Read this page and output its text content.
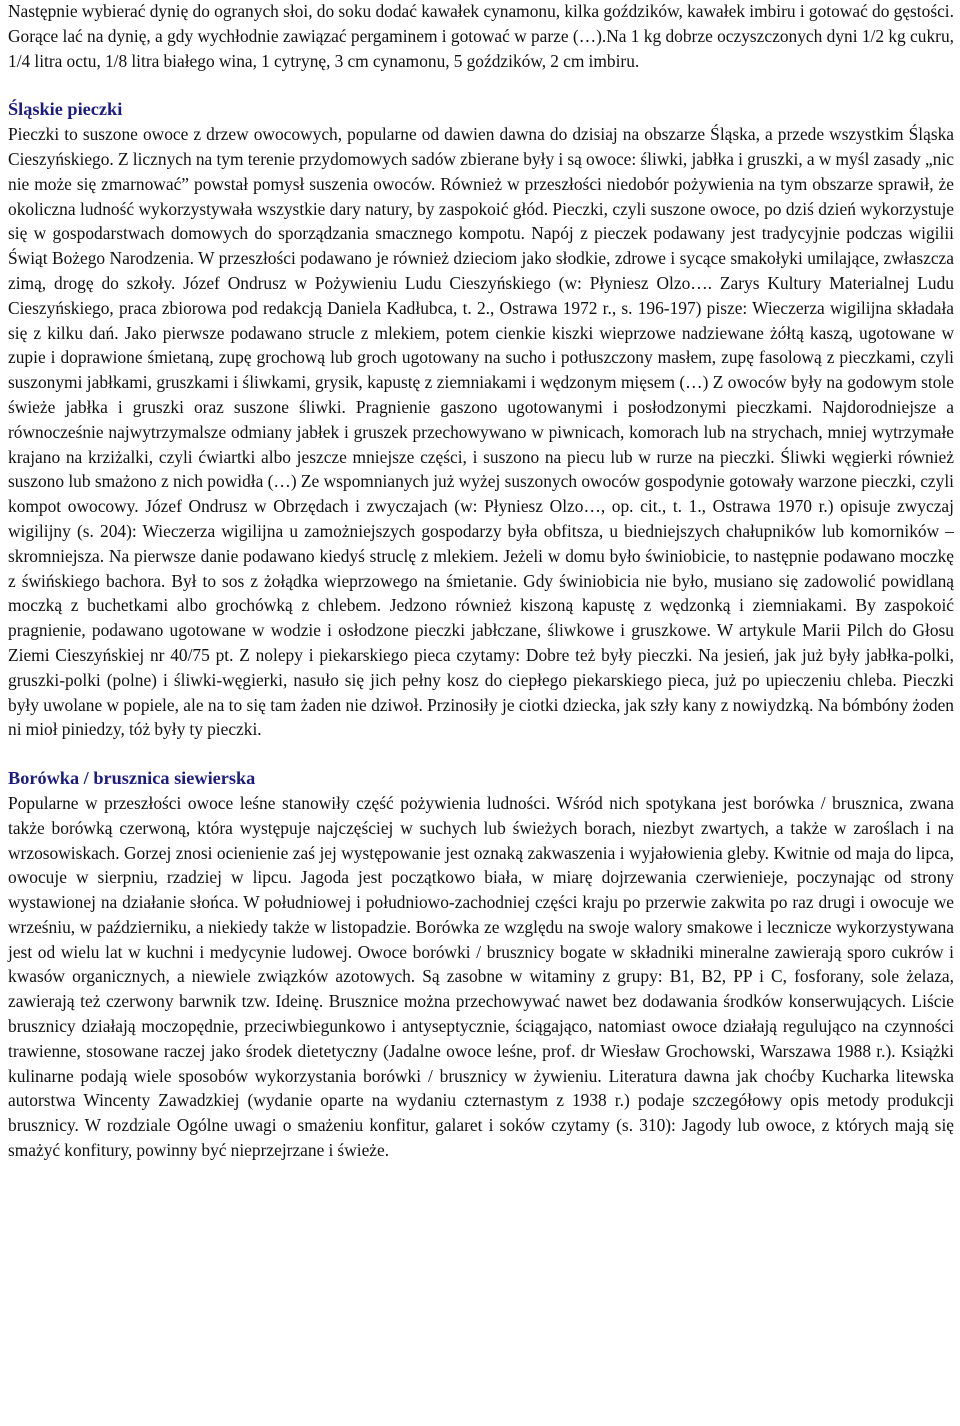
Następnie wybierać dynię do ogranych słoi, do soku dodać kawałek cynamonu, kilka goździków, kawałek imbiru i gotować do gęstości. Gorące lać na dynię, a gdy wychłodnie zawiązać pergaminem i gotować w parze (…).Na 1 kg dobrze oczyszczonych dyni 1/2 kg cukru, 1/4 litra octu, 1/8 litra białego wina, 1 cytrynę, 3 cm cynamonu, 5 goździków, 2 cm imbiru.

Śląskie pieczki

Pieczki to suszone owoce z drzew owocowych, popularne od dawien dawna do dzisiaj na obszarze Śląska, a przede wszystkim Śląska Cieszyńskiego. Z licznych na tym terenie przydomowych sadów zbierane były i są owoce: śliwki, jabłka i gruszki, a w myśl zasady „nic nie może się zmarnować” powstał pomysł suszenia owoców. Również w przeszłości niedobór pożywienia na tym obszarze sprawił, że okoliczna ludność wykorzystywała wszystkie dary natury, by zaspokoić głód. Pieczki, czyli suszone owoce, po dziś dzień wykorzystuje się w gospodarstwach domowych do sporządzania smacznego kompotu. Napój z pieczek podawany jest tradycyjnie podczas wigilii Świąt Bożego Narodzenia. W przeszłości podawano je również dzieciom jako słodkie, zdrowe i sycące smakołyki umilające, zwłaszcza zimą, drogę do szkoły. Józef Ondrusz w Pożywieniu Ludu Cieszyńskiego (w: Płyniesz Olzo…. Zarys Kultury Materialnej Ludu Cieszyńskiego, praca zbiorowa pod redakcją Daniela Kadłubca, t. 2., Ostrawa 1972 r., s. 196-197) pisze: Wieczerza wigilijna składała się z kilku dań. Jako pierwsze podawano strucle z mlekiem, potem cienkie kiszki wieprzowe nadziewane żółtą kaszą, ugotowane w zupie i doprawione śmietaną, zupę grochową lub groch ugotowany na sucho i potłuszczony masłem, zupę fasolową z pieczkami, czyli suszonymi jabłkami, gruszkami i śliwkami, grysik, kapustę z ziemniakami i wędzonym mięsem (…) Z owoców były na godowym stole śwież‌e jabłka i gruszki oraz suszone śliwki. Pragnienie gaszono ugotowanymi i posłodzonymi pieczkami. Najdorodniejsze a równocześnie najwytrzymalsze odmiany jabłek i gruszek przechowywano w piwnicach, komorach lub na strychach, mniej wytrzymałe krajano na krzi‌żalki, czyli ćwiartki albo jeszcze mniejsze części, i suszono na piecu lub w rurze na pieczki. Śliwki węgierki również suszono lub smażono z nich powidła (…) Ze wspomnianych już wyżej suszonych owoców gospodynie gotowały warzone pieczki, czyli kompot owocowy. Józef Ondrusz w Obrzędach i zwyczajach (w: Płyniesz Olzo…, op. cit., t. 1., Ostrawa 1970 r.) opisuje zwyczaj wigilijny (s. 204): Wieczerza wigilijna u zamożniejszych gospodarzy była obfitsza, u biedniejszych chałupników lub komorników – skromniejsza. Na pierwsze danie podawano kiedyś struclę z mlekiem. Jeżeli w domu było świniobicie, to następnie podawano moczkę z świńskiego bachora. Był to sos z żołądka wieprzowego na śmietanie. Gdy świniobicia nie było, musiano się zadowolić powidlaną moczką z buchetkami albo grochówką z chlebem. Jedzono również kiszoną kapustę z wędzonką i ziemniakami. By zaspokoić pragnienie, podawano ugotowane w wodzie i osłodzone pieczki jabłczane, śliwkowe i gruszkowe. W artykule Marii Pilch do Głosu Ziemi Cieszyńskiej nr 40/75 pt. Z nolepy i piekarskiego pieca czytamy: Dobre też były pieczki. Na jesień, jak już były jabłka-polki, gruszki-polki (polne) i śliwki-węgierki, nasuło się jich pełny kosz do ciepłego piekarskiego pieca, już po upieczeniu chleba. Pieczki były uwolane w popiele, ale na to się tam żaden nie dziwoł. Przinosiły je ciotki dziecka, jak szły kany z nowiydzką. Na bómbóny żoden ni mioł piniedzy, tóż były ty pieczki.

Borówka / brusznica siewierska

Popularne w przeszłości owoce leśne stanowiły część pożywienia ludności. Wśród nich spotykana jest borówka / brusznica, zwana także borówką czerwoną, która występuje najczęściej w suchych lub świeżych borach, niezbyt zwartych, a także w zaroślach i na wrzosowiskach. Gorzej znosi ocienienie zaś jej występowanie jest oznaką zakwaszenia i wyjałowienia gleby. Kwitnie od maja do lipca, owocuje w sierpniu, rzadziej w lipcu. Jagoda jest początkowo biała, w miarę dojrzewania czerwienieje, poczynając od strony wystawionej na działanie słońca. W południowej i południowo-zachodniej części kraju po przerwie zakwita po raz drugi i owocuje we wrześniu, w październiku, a niekiedy także w listopadzie. Borówka ze względu na swoje walory smakowe i lecznicze wykorzystywana jest od wielu lat w kuchni i medycynie ludowej. Owoce borówki / brusznicy bogate w składniki mineralne zawierają sporo cukrów i kwasów organicznych, a niewiele związków azotowych. Są zasobne w witaminy z grupy: B1, B2, PP i C, fosforany, sole żelaza, zawierają też czerwony barwnik tzw. Ideinę. Brusznice można przechowywać nawet bez dodawania środków konserwujących. Liście brusznicy działają moczopędnie, przeciwbiegunkowo i antyseptycznie, ściągająco, natomiast owoce działają regulująco na czynności trawienne, stosowane raczej jako środek dietetyczny (Jadalne owoce leśne, prof. dr Wiesław Grochowski, Warszawa 1988 r.). Książki kulinarne podają wiele sposobów wykorzystania borówki / brusznicy w żywieniu. Literatura dawna jak choćby Kucharka litewska autorstwa Wincenty Zawadzkiej (wydanie oparte na wydaniu czternastym z 1938 r.) podaje szczegółowy opis metody produkcji brusznicy. W rozdziale Ogólne uwagi o smażeniu konfitur, galaret i soków czytamy (s. 310): Jagody lub owoce, z których mają się smażyć konfitury, powinny być nieprzejrzane i świeże.
